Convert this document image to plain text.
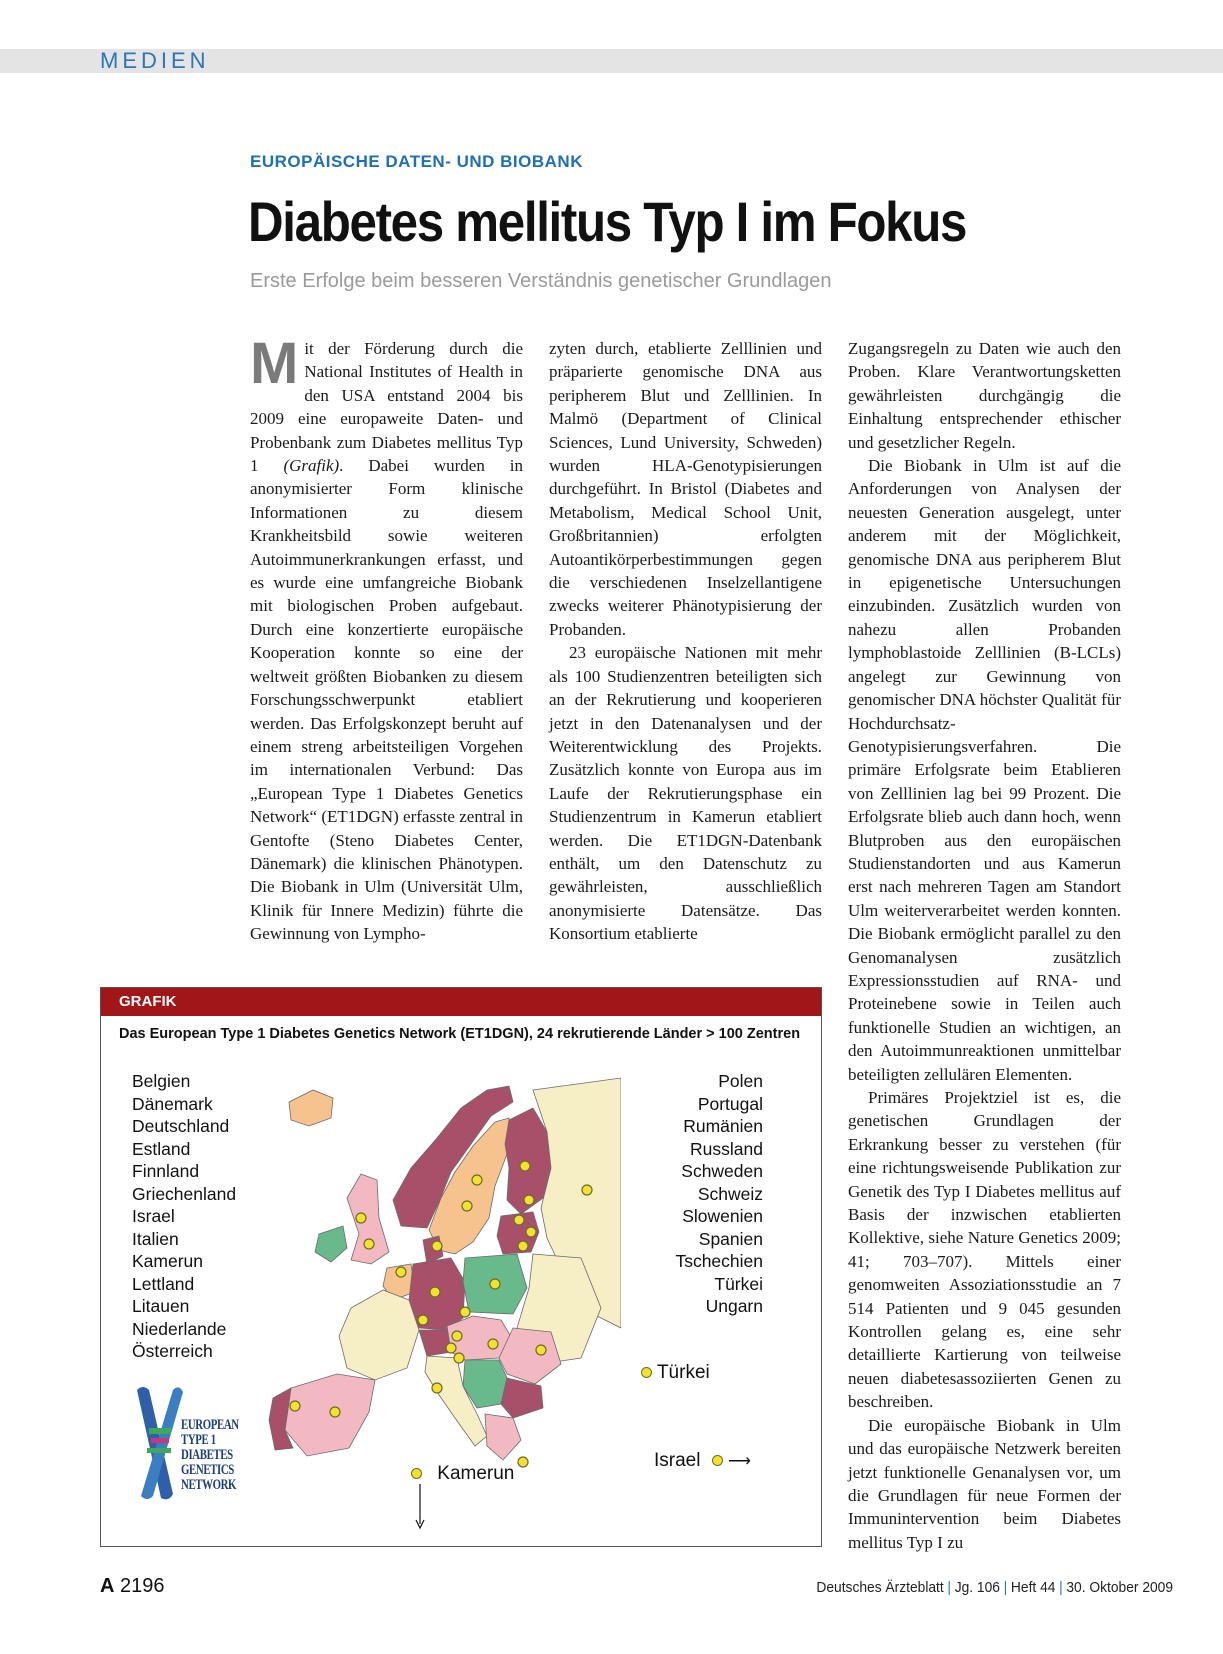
MEDIEN
EUROPÄISCHE DATEN- UND BIOBANK
Diabetes mellitus Typ I im Fokus
Erste Erfolge beim besseren Verständnis genetischer Grundlagen

Mit der Förderung durch die National Institutes of Health in den USA entstand 2004 bis 2009 eine europaweite Daten- und Probenbank zum Diabetes mellitus Typ 1 (Grafik). Dabei wurden in anonymisierter Form klinische Informationen zu diesem Krankheitsbild sowie weiteren Autoimmunerkrankungen erfasst, und es wurde eine umfangreiche Biobank mit biologischen Proben aufgebaut. Durch eine konzertierte europäische Kooperation konnte so eine der weltweit größten Biobanken zu diesem Forschungsschwerpunkt etabliert werden. Das Erfolgskonzept beruht auf einem streng arbeitsteiligen Vorgehen im internationalen Verbund: Das „European Type 1 Diabetes Genetics Network“ (ET1DGN) erfasste zentral in Gentofte (Steno Diabetes Center, Dänemark) die klinischen Phänotypen. Die Biobank in Ulm (Universität Ulm, Klinik für Innere Medizin) führte die Gewinnung von Lympho-

zyten durch, etablierte Zelllinien und präparierte genomische DNA aus peripherem Blut und Zelllinien. In Malmö (Department of Clinical Sciences, Lund University, Schweden) wurden HLA-Genotypisierungen durchgeführt. In Bristol (Diabetes and Metabolism, Medical School Unit, Großbritannien) erfolgten Autoantikörperbestimmungen gegen die verschiedenen Inselzellantigene zwecks weiterer Phänotypisierung der Probanden.

23 europäische Nationen mit mehr als 100 Studienzentren beteiligten sich an der Rekrutierung und kooperieren jetzt in den Datenanalysen und der Weiterentwicklung des Projekts. Zusätzlich konnte von Europa aus im Laufe der Rekrutierungsphase ein Studienzentrum in Kamerun etabliert werden. Die ET1DGN-Datenbank enthält, um den Datenschutz zu gewährleisten, ausschließlich anonymisierte Datensätze. Das Konsortium etablierte

Zugangsregeln zu Daten wie auch den Proben. Klare Verantwortungsketten gewährleisten durchgängig die Einhaltung entsprechender ethischer und gesetzlicher Regeln.

Die Biobank in Ulm ist auf die Anforderungen von Analysen der neuesten Generation ausgelegt, unter anderem mit der Möglichkeit, genomische DNA aus peripherem Blut in epigenetische Untersuchungen einzubinden. Zusätzlich wurden von nahezu allen Probanden lymphoblastoide Zelllinien (B-LCLs) angelegt zur Gewinnung von genomischer DNA höchster Qualität für Hochdurchsatz-Genotypisierungsverfahren. Die primäre Erfolgsrate beim Etablieren von Zelllinien lag bei 99 Prozent. Die Erfolgsrate blieb auch dann hoch, wenn Blutproben aus den europäischen Studienstandorten und aus Kamerun erst nach mehreren Tagen am Standort Ulm weiterverarbeitet werden konnten. Die Biobank ermöglicht parallel zu den Genomanalysen zusätzlich Expressionsstudien auf RNA- und Proteinebene sowie in Teilen auch funktionelle Studien an wichtigen, an den Autoimmunreaktionen unmittelbar beteiligten zellulären Elementen.

Primäres Projektziel ist es, die genetischen Grundlagen der Erkrankung besser zu verstehen (für eine richtungsweisende Publikation zur Genetik des Typ I Diabetes mellitus auf Basis der inzwischen etablierten Kollektive, siehe Nature Genetics 2009; 41; 703–707). Mittels einer genomweiten Assoziationsstudie an 7 514 Patienten und 9 045 gesunden Kontrollen gelang es, eine sehr detaillierte Kartierung von teilweise neuen diabetesassoziierten Genen zu beschreiben.

Die europäische Biobank in Ulm und das europäische Netzwerk bereiten jetzt funktionelle Genanalysen vor, um die Grundlagen für neue Formen der Immunintervention beim Diabetes mellitus Typ I zu

GRAFIK
Das European Type 1 Diabetes Genetics Network (ET1DGN), 24 rekrutierende Länder > 100 Zentren
Belgien
Dänemark
Deutschland
Estland
Finnland
Griechenland
Israel
Italien
Kamerun
Lettland
Litauen
Niederlande
Österreich
Polen
Portugal
Rumänien
Russland
Schweden
Schweiz
Slowenien
Spanien
Tschechien
Türkei
Ungarn
Türkei
Israel ⟶
Kamerun
EUROPEAN
TYPE 1
DIABETES
GENETICS
NETWORK
A 2196	Deutsches Ärzteblatt | Jg. 106 | Heft 44 | 30. Oktober 2009
